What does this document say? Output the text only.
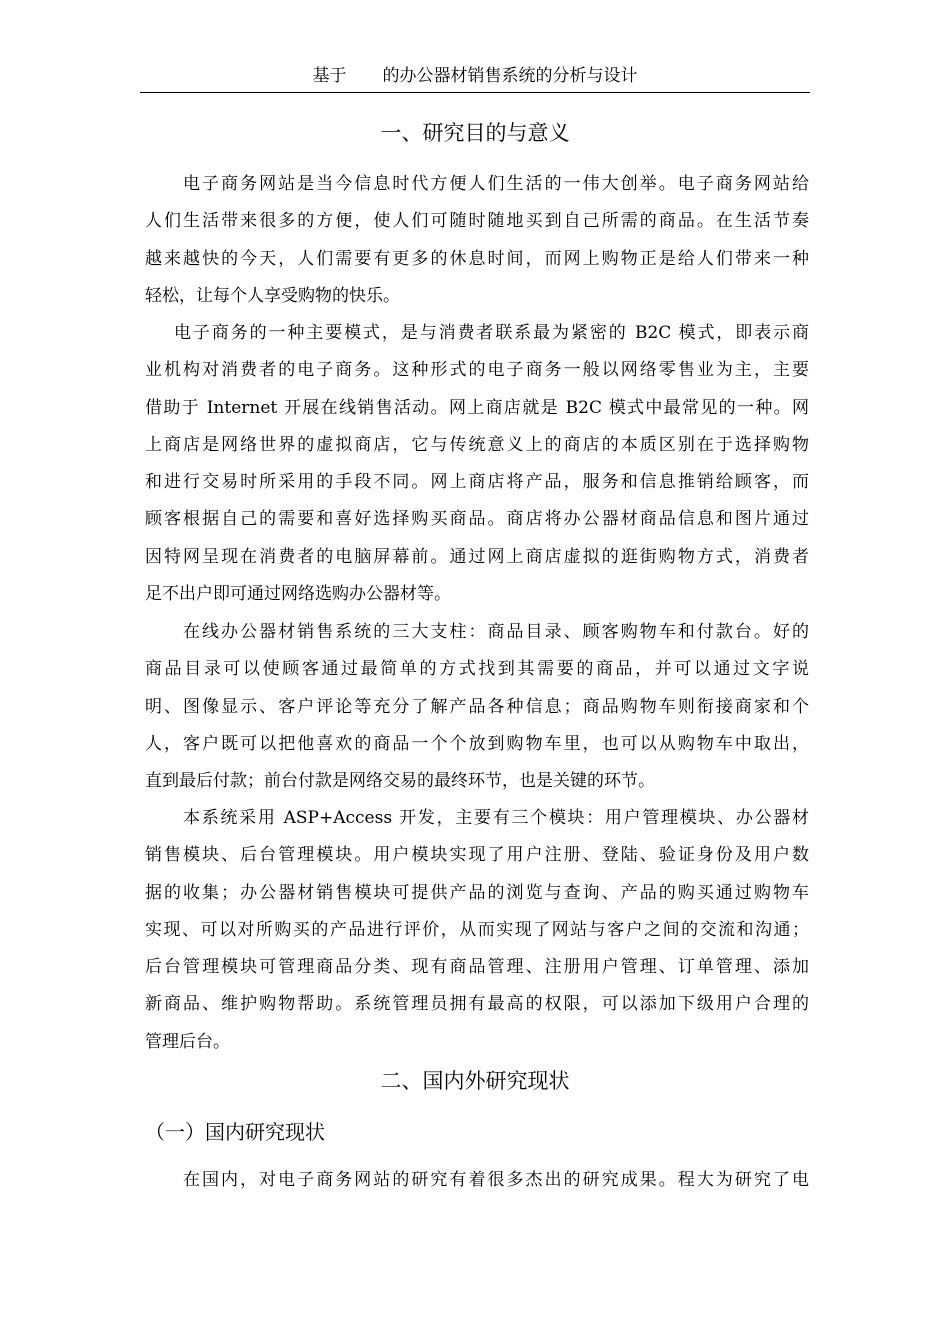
基于 的办公器材销售系统的分析与设计
一、研究目的与意义

电子商务网站是当今信息时代方便人们生活的一伟大创举。电子商务网站给
人们生活带来很多的方便，使人们可随时随地买到自己所需的商品。在生活节奏
越来越快的今天，人们需要有更多的休息时间，而网上购物正是给人们带来一种
轻松，让每个人享受购物的快乐。

电子商务的一种主要模式，是与消费者联系最为紧密的 B2C 模式，即表示商
业机构对消费者的电子商务。这种形式的电子商务一般以网络零售业为主，主要
借助于 Internet 开展在线销售活动。网上商店就是 B2C 模式中最常见的一种。网
上商店是网络世界的虚拟商店，它与传统意义上的商店的本质区别在于选择购物
和进行交易时所采用的手段不同。网上商店将产品，服务和信息推销给顾客，而
顾客根据自己的需要和喜好选择购买商品。商店将办公器材商品信息和图片通过
因特网呈现在消费者的电脑屏幕前。通过网上商店虚拟的逛街购物方式，消费者
足不出户即可通过网络选购办公器材等。

在线办公器材销售系统的三大支柱：商品目录、顾客购物车和付款台。好的
商品目录可以使顾客通过最简单的方式找到其需要的商品，并可以通过文字说
明、图像显示、客户评论等充分了解产品各种信息；商品购物车则衔接商家和个
人，客户既可以把他喜欢的商品一个个放到购物车里，也可以从购物车中取出，
直到最后付款；前台付款是网络交易的最终环节，也是关键的环节。

本系统采用 ASP+Access 开发，主要有三个模块：用户管理模块、办公器材
销售模块、后台管理模块。用户模块实现了用户注册、登陆、验证身份及用户数
据的收集；办公器材销售模块可提供产品的浏览与查询、产品的购买通过购物车
实现、可以对所购买的产品进行评价，从而实现了网站与客户之间的交流和沟通；
后台管理模块可管理商品分类、现有商品管理、注册用户管理、订单管理、添加
新商品、维护购物帮助。系统管理员拥有最高的权限，可以添加下级用户合理的
管理后台。

二、国内外研究现状
（一）国内研究现状

在国内，对电子商务网站的研究有着很多杰出的研究成果。程大为研究了电
